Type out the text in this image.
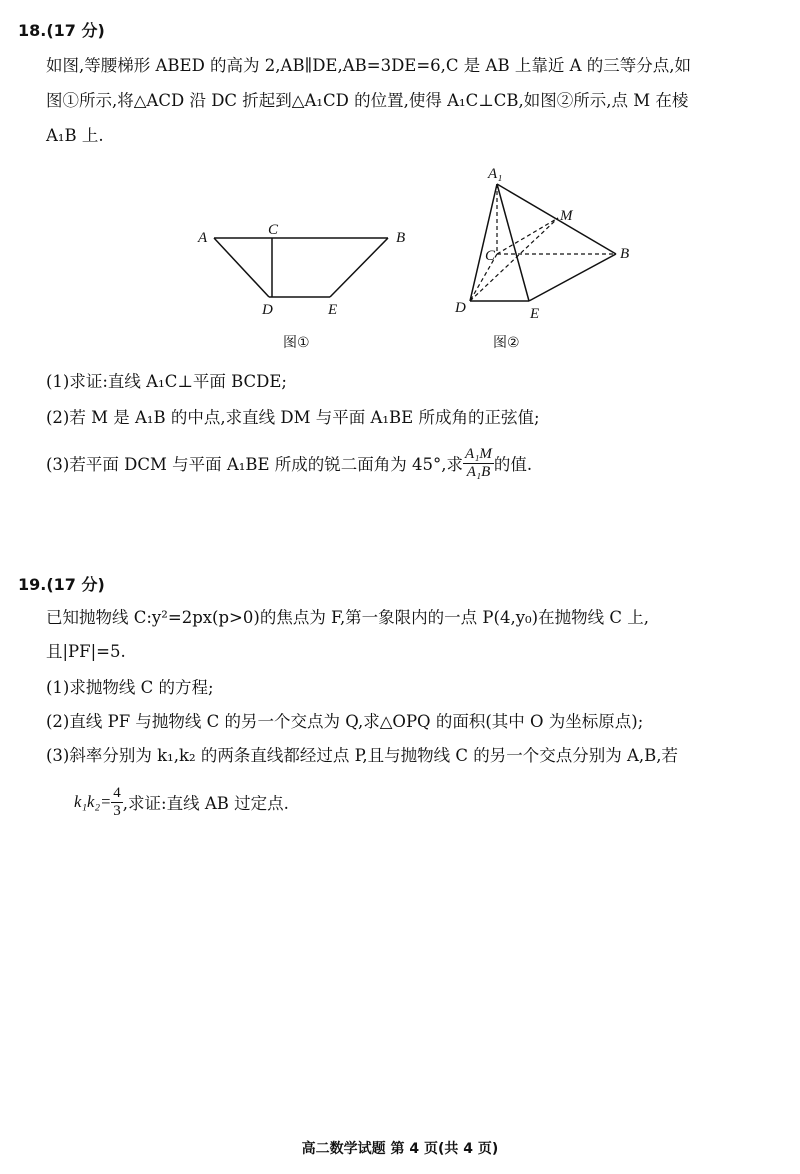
18.(17 分)
如图,等腰梯形 ABED 的高为 2,AB∥DE,AB=3DE=6,C 是 AB 上靠近 A 的三等分点,如
图①所示,将△ACD 沿 DC 折起到△A₁CD 的位置,使得 A₁C⊥CB,如图②所示,点 M 在棱
A₁B 上.
A	C	B
D	E
图①
A₁
M
C	B
D	E
图②
(1)求证:直线 A₁C⊥平面 BCDE;
(2)若 M 是 A₁B 的中点,求直线 DM 与平面 A₁BE 所成角的正弦值;
(3)若平面 DCM 与平面 A₁BE 所成的锐二面角为 45°,求 $\frac{\text{A₁M}}{\text{A₁B}}$ 的值.
19.(17 分)
已知抛物线 C:y²=2px(p>0)的焦点为 F,第一象限内的一点 P(4,y₀)在抛物线 C 上,
且|PF|=5.
(1)求抛物线 C 的方程;
(2)直线 PF 与抛物线 C 的另一个交点为 Q,求△OPQ 的面积(其中 O 为坐标原点);
(3)斜率分别为 k₁,k₂ 的两条直线都经过点 P,且与抛物线 C 的另一个交点分别为 A,B,若
$k_1k_2= \frac{4}{3}$ ,求证:直线 AB 过定点.
高二数学试题 第 4 页(共 4 页)
